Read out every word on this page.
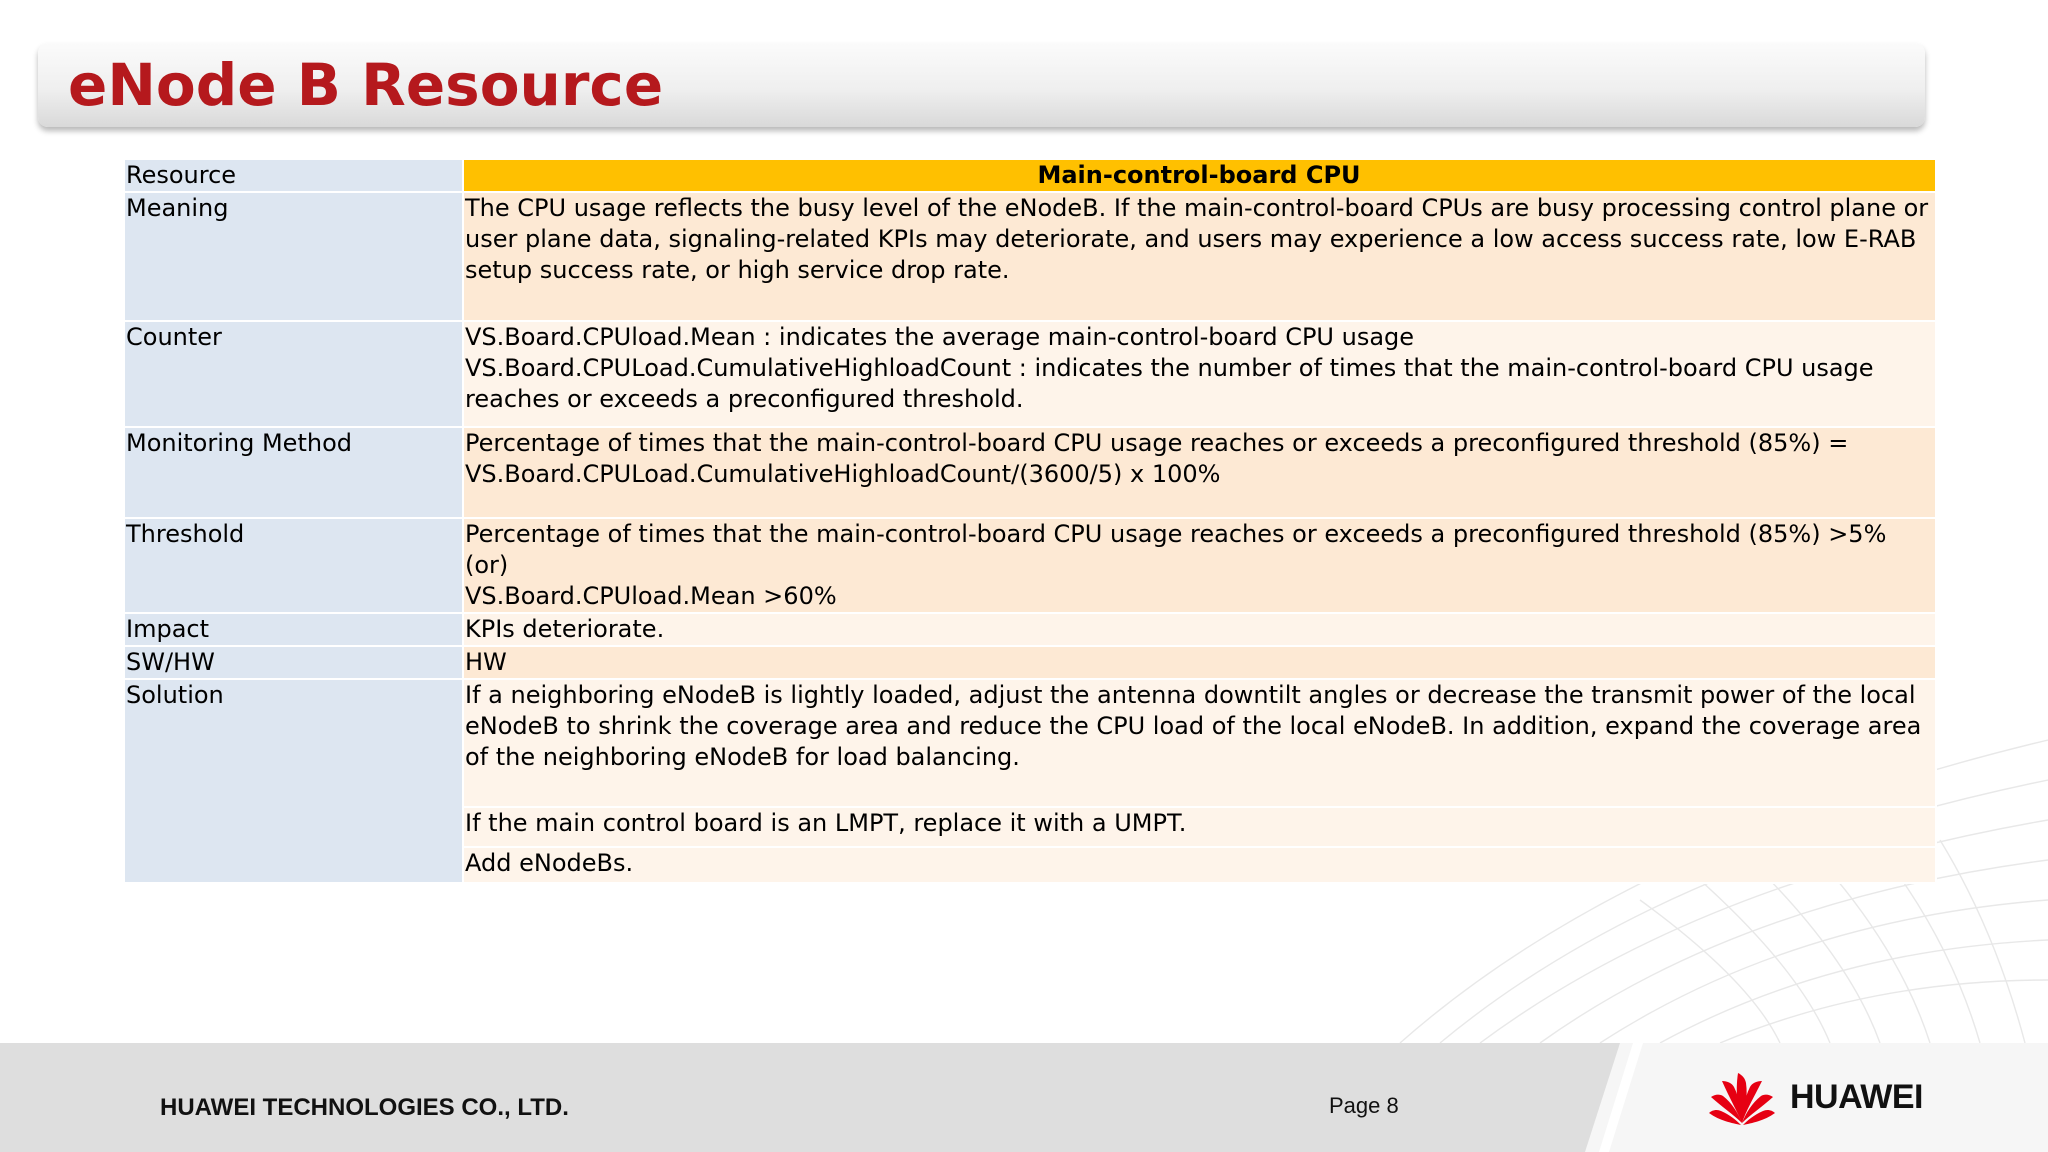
eNode B Resource
Resource	Main-control-board CPU
Meaning	The CPU usage reflects the busy level of the eNodeB. If the main-control-board CPUs are busy processing control plane or user plane data, signaling-related KPIs may deteriorate, and users may experience a low access success rate, low E-RAB setup success rate, or high service drop rate.

Counter	VS.Board.CPUload.Mean : indicates the average main-control-board CPU usage
VS.Board.CPULoad.CumulativeHighloadCount : indicates the number of times that the main-control-board CPU usage reaches or exceeds a preconfigured threshold.

Monitoring Method	Percentage of times that the main-control-board CPU usage reaches or exceeds a preconfigured threshold (85%) =
VS.Board.CPULoad.CumulativeHighloadCount/(3600/5) x 100%

Threshold	Percentage of times that the main-control-board CPU usage reaches or exceeds a preconfigured threshold (85%) >5% (or)
VS.Board.CPUload.Mean >60%

Impact	KPIs deteriorate.

SW/HW	HW

Solution	If a neighboring eNodeB is lightly loaded, adjust the antenna downtilt angles or decrease the transmit power of the local eNodeB to shrink the coverage area and reduce the CPU load of the local eNodeB. In addition, expand the coverage area of the neighboring eNodeB for load balancing.
	If the main control board is an LMPT, replace it with a UMPT.
	Add eNodeBs.
HUAWEI TECHNOLOGIES CO., LTD.	Page 8	HUAWEI
